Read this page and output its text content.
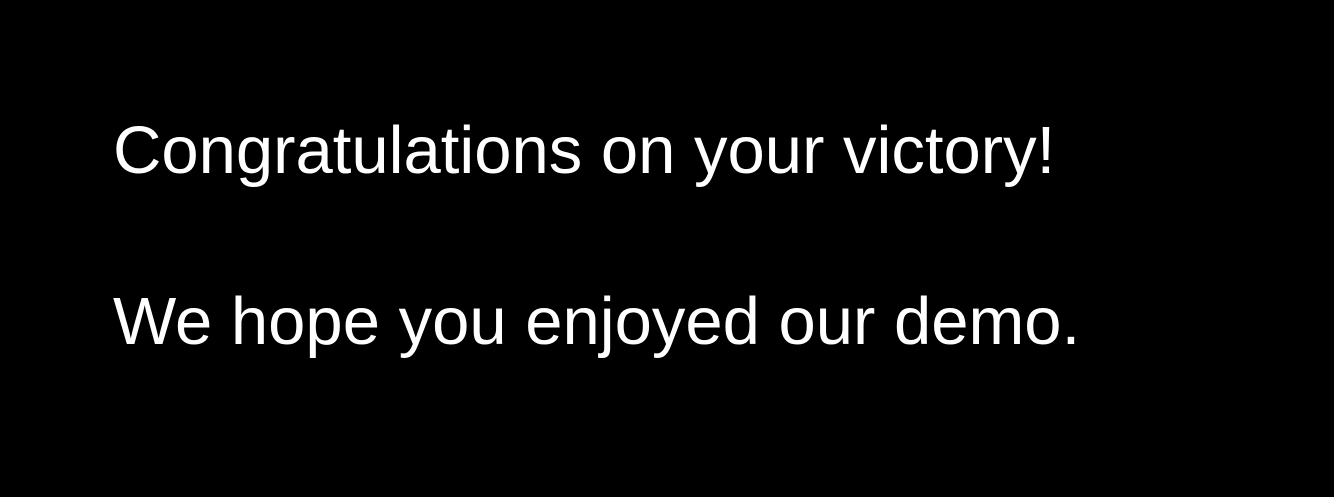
Congratulations on your victory!

We hope you enjoyed our demo.
